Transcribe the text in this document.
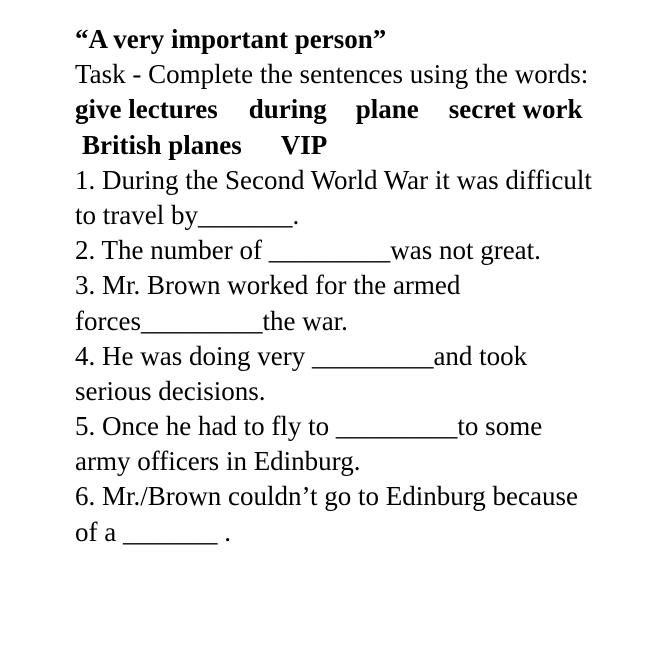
“A very important person”
Task - Complete the sentences using the words:
give lectures during plane secret work
British planes VIP
1. During the Second World War it was difficult
to travel by_______.
2. The number of _________was not great.
3. Mr. Brown worked for the armed
forces_________the war.
4. He was doing very _________and took
serious decisions.
5. Once he had to fly to _________to some
army officers in Edinburg.
6. Mr./Brown couldn’t go to Edinburg because
of a _______ .
